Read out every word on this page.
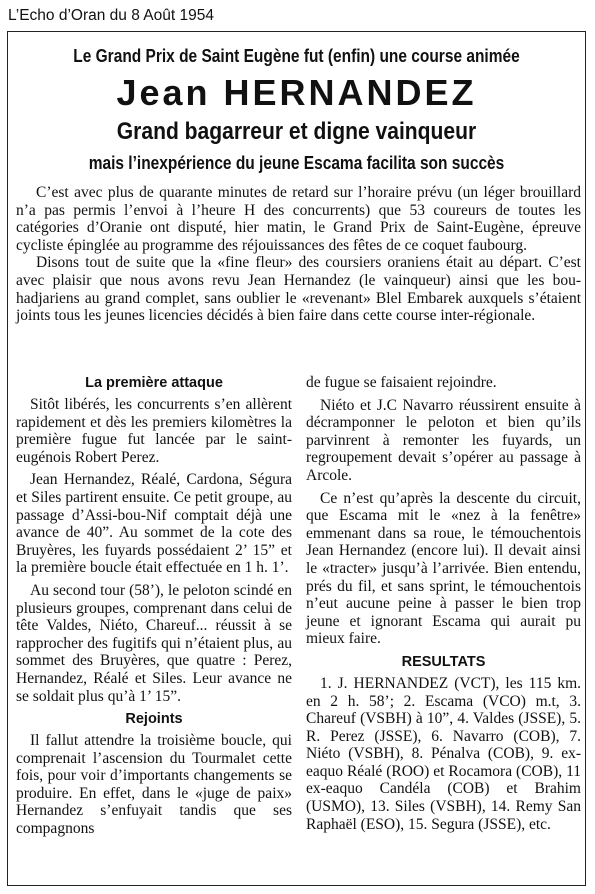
L’Echo d’Oran du 8 Août 1954
Le Grand Prix de Saint Eugène fut (enfin) une course animée
Jean HERNANDEZ
Grand bagarreur et digne vainqueur
mais l’inexpérience du jeune Escama facilita son succès

C’est avec plus de quarante minutes de retard sur l’horaire prévu (un léger brouillard n’a pas permis l’envoi à l’heure H des concurrents) que 53 coureurs de toutes les catégories d’Oranie ont disputé, hier matin, le Grand Prix de Saint-Eugène, épreuve cycliste épinglée au programme des réjouissances des fêtes de ce coquet faubourg.

Disons tout de suite que la «fine fleur» des coursiers oraniens était au départ. C’est avec plaisir que nous avons revu Jean Hernandez (le vainqueur) ainsi que les bou-hadjariens au grand complet, sans oublier le «revenant» Blel Embarek auxquels s’étaient joints tous les jeunes licencies décidés à bien faire dans cette course inter-régionale.

La première attaque

Sitôt libérés, les concurrents s’en allèrent rapidement et dès les premiers kilomètres la première fugue fut lancée par le saint-eugénois Robert Perez.

Jean Hernandez, Réalé, Cardona, Ségura et Siles partirent ensuite. Ce petit groupe, au passage d’Assi-bou-Nif comptait déjà une avance de 40”. Au sommet de la cote des Bruyères, les fuyards possédaient 2’ 15” et la première boucle était effectuée en 1 h. 1’.

Au second tour (58’), le peloton scindé en plusieurs groupes, comprenant dans celui de tête Valdes, Niéto, Chareuf... réussit à se rapprocher des fugitifs qui n’étaient plus, au sommet des Bruyères, que quatre : Perez, Hernandez, Réalé et Siles. Leur avance ne se soldait plus qu’à 1’ 15”.

Rejoints

Il fallut attendre la troisième boucle, qui comprenait l’ascension du Tourmalet cette fois, pour voir d’importants changements se produire. En effet, dans le «juge de paix» Hernandez s’enfuyait tandis que ses compagnons

de fugue se faisaient rejoindre.

Niéto et J.C Navarro réussirent ensuite à décramponner le peloton et bien qu’ils parvinrent à remonter les fuyards, un regroupement devait s’opérer au passage à Arcole.

Ce n’est qu’après la descente du circuit, que Escama mit le «nez à la fenêtre» emmenant dans sa roue, le témouchentois Jean Hernandez (encore lui). Il devait ainsi le «tracter» jusqu’à l’arrivée. Bien entendu, prés du fil, et sans sprint, le témouchentois n’eut aucune peine à passer le bien trop jeune et ignorant Escama qui aurait pu mieux faire.

RESULTATS

1. J. HERNANDEZ (VCT), les 115 km. en 2 h. 58’; 2. Escama (VCO) m.t, 3. Chareuf (VSBH) à 10”, 4. Valdes (JSSE), 5. R. Perez (JSSE), 6. Navarro (COB), 7. Niéto (VSBH), 8. Pénalva (COB), 9. ex-eaquo Réalé (ROO) et Rocamora (COB), 11 ex-eaquo Candéla (COB) et Brahim (USMO), 13. Siles (VSBH), 14. Remy San Raphaël (ESO), 15. Segura (JSSE), etc.
